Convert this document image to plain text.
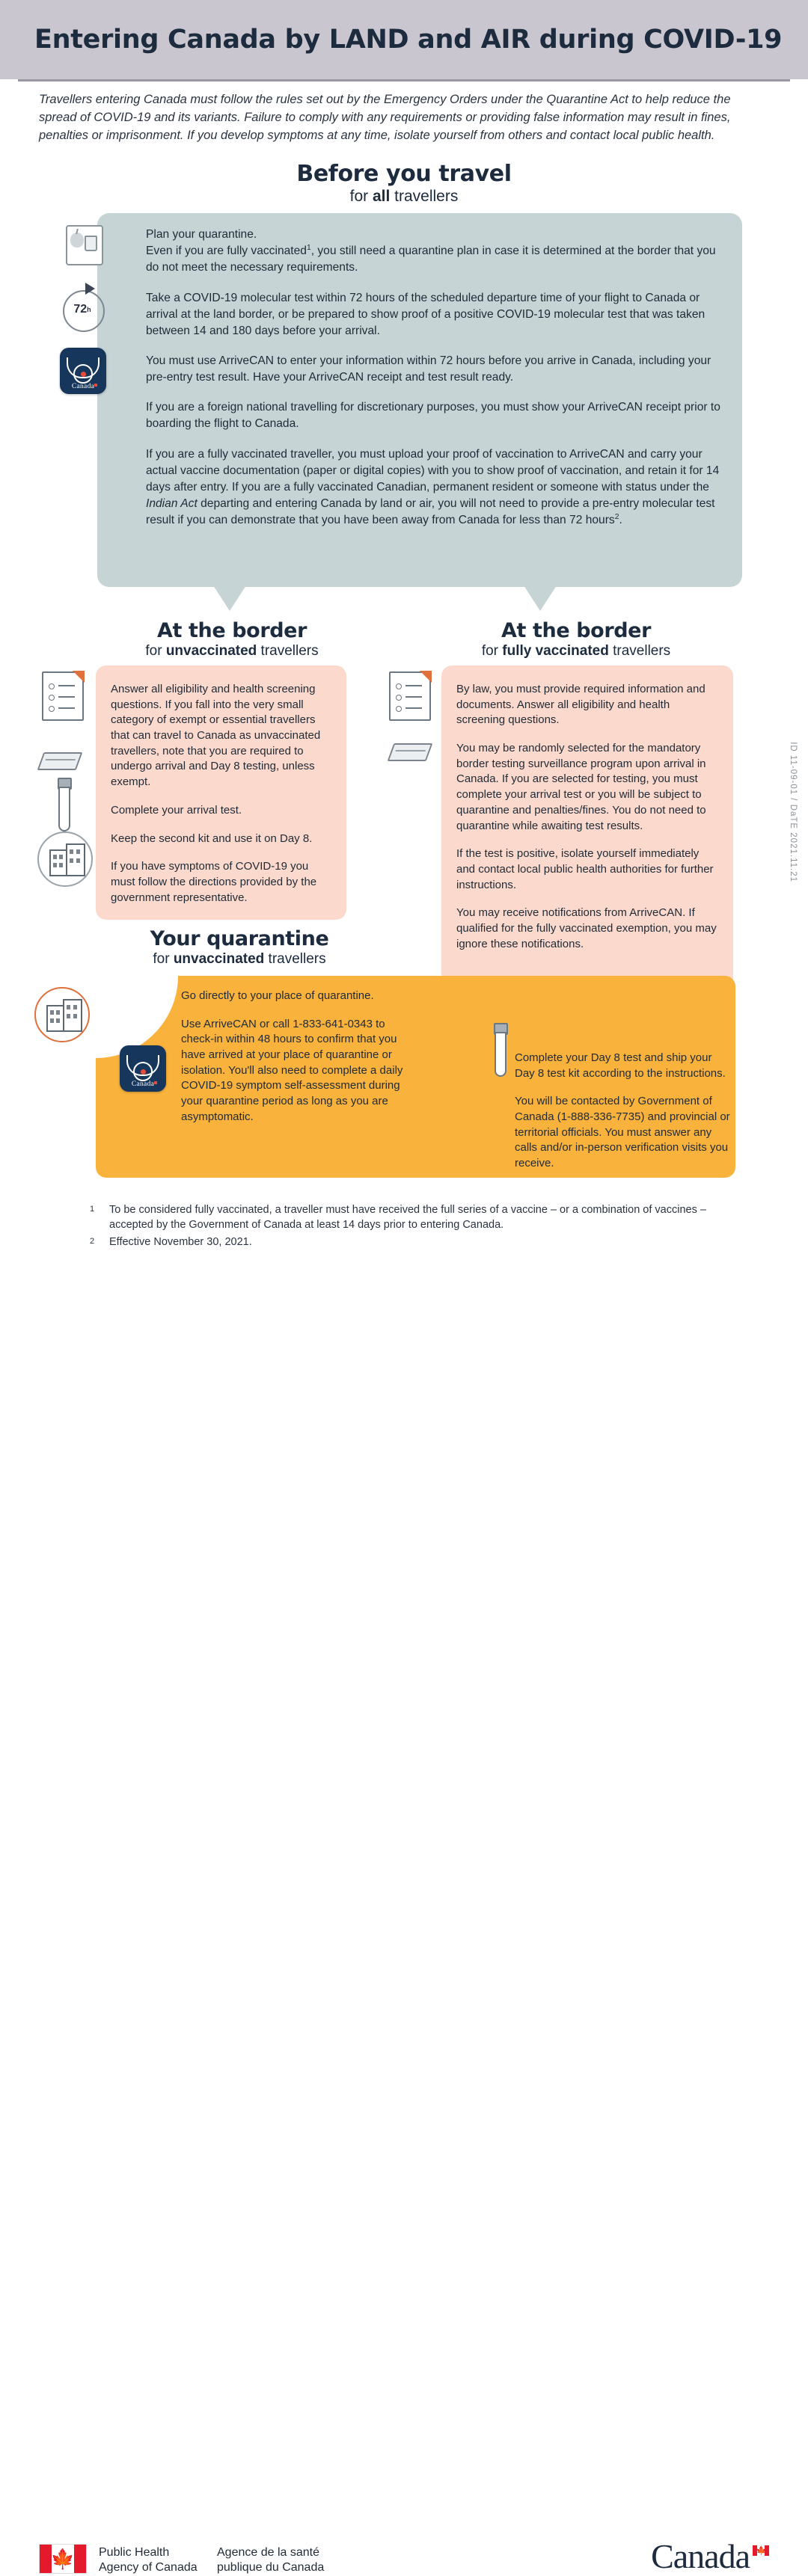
Entering Canada by LAND and AIR during COVID-19
Travellers entering Canada must follow the rules set out by the Emergency Orders under the Quarantine Act to help reduce the spread of COVID-19 and its variants. Failure to comply with any requirements or providing false information may result in fines, penalties or imprisonment. If you develop symptoms at any time, isolate yourself from others and contact local public health.
Before you travel
for all travellers
72 h
Canada

Plan your quarantine.
Even if you are fully vaccinated$^1$, you still need a quarantine plan in case it is determined at the border that you do not meet the necessary requirements.

Take a COVID-19 molecular test within 72 hours of the scheduled departure time of your flight to Canada or arrival at the land border, or be prepared to show proof of a positive COVID-19 molecular test that was taken between 14 and 180 days before your arrival.

You must use ArriveCAN to enter your information within 72 hours before you arrive in Canada, including your pre-entry test result. Have your ArriveCAN receipt and test result ready.

If you are a foreign national travelling for discretionary purposes, you must show your ArriveCAN receipt prior to boarding the flight to Canada.

If you are a fully vaccinated traveller, you must upload your proof of vaccination to ArriveCAN and carry your actual vaccine documentation (paper or digital copies) with you to show proof of vaccination, and retain it for 14 days after entry. If you are a fully vaccinated Canadian, permanent resident or someone with status under the Indian Act departing and entering Canada by land or air, you will not need to provide a pre-entry molecular test result if you can demonstrate that you have been away from Canada for less than 72 hours$^2$.

At the border
for unvaccinated travellers

Answer all eligibility and health screening questions. If you fall into the very small category of exempt or essential travellers that can travel to Canada as unvaccinated travellers, note that you are required to undergo arrival and Day 8 testing, unless exempt.

Complete your arrival test.

Keep the second kit and use it on Day 8.

If you have symptoms of COVID-19 you must follow the directions provided by the government representative.

At the border
for fully vaccinated travellers

By law, you must provide required information and documents. Answer all eligibility and health screening questions.

You may be randomly selected for the mandatory border testing surveillance program upon arrival in Canada. If you are selected for testing, you must complete your arrival test or you will be subject to quarantine and penalties/fines. You do not need to quarantine while awaiting test results.

If the test is positive, isolate yourself immediately and contact local public health authorities for further instructions.

You may receive notifications from ArriveCAN. If qualified for the fully vaccinated exemption, you may ignore these notifications.

Your quarantine
for unvaccinated travellers
Canada

Go directly to your place of quarantine.

Use ArriveCAN or call 1-833-641-0343 to check-in within 48 hours to confirm that you have arrived at your place of quarantine or isolation. You'll also need to complete a daily COVID-19 symptom self-assessment during your quarantine period as long as you are asymptomatic.

Complete your Day 8 test and ship your Day 8 test kit according to the instructions.

You will be contacted by Government of Canada (1-888-336-7735) and provincial or territorial officials. You must answer any calls and/or in-person verification visits you receive.

ID 11-09-01 / DaTE 2021.11.21
1	To be considered fully vaccinated, a traveller must have received the full series of a vaccine – or a combination of vaccines – accepted by the Government of Canada at least 14 days prior to entering Canada.
2	Effective November 30, 2021.
🍁 Public Health
Agency of Canada
Agence de la santé
publique du Canada	Canada 🍁
